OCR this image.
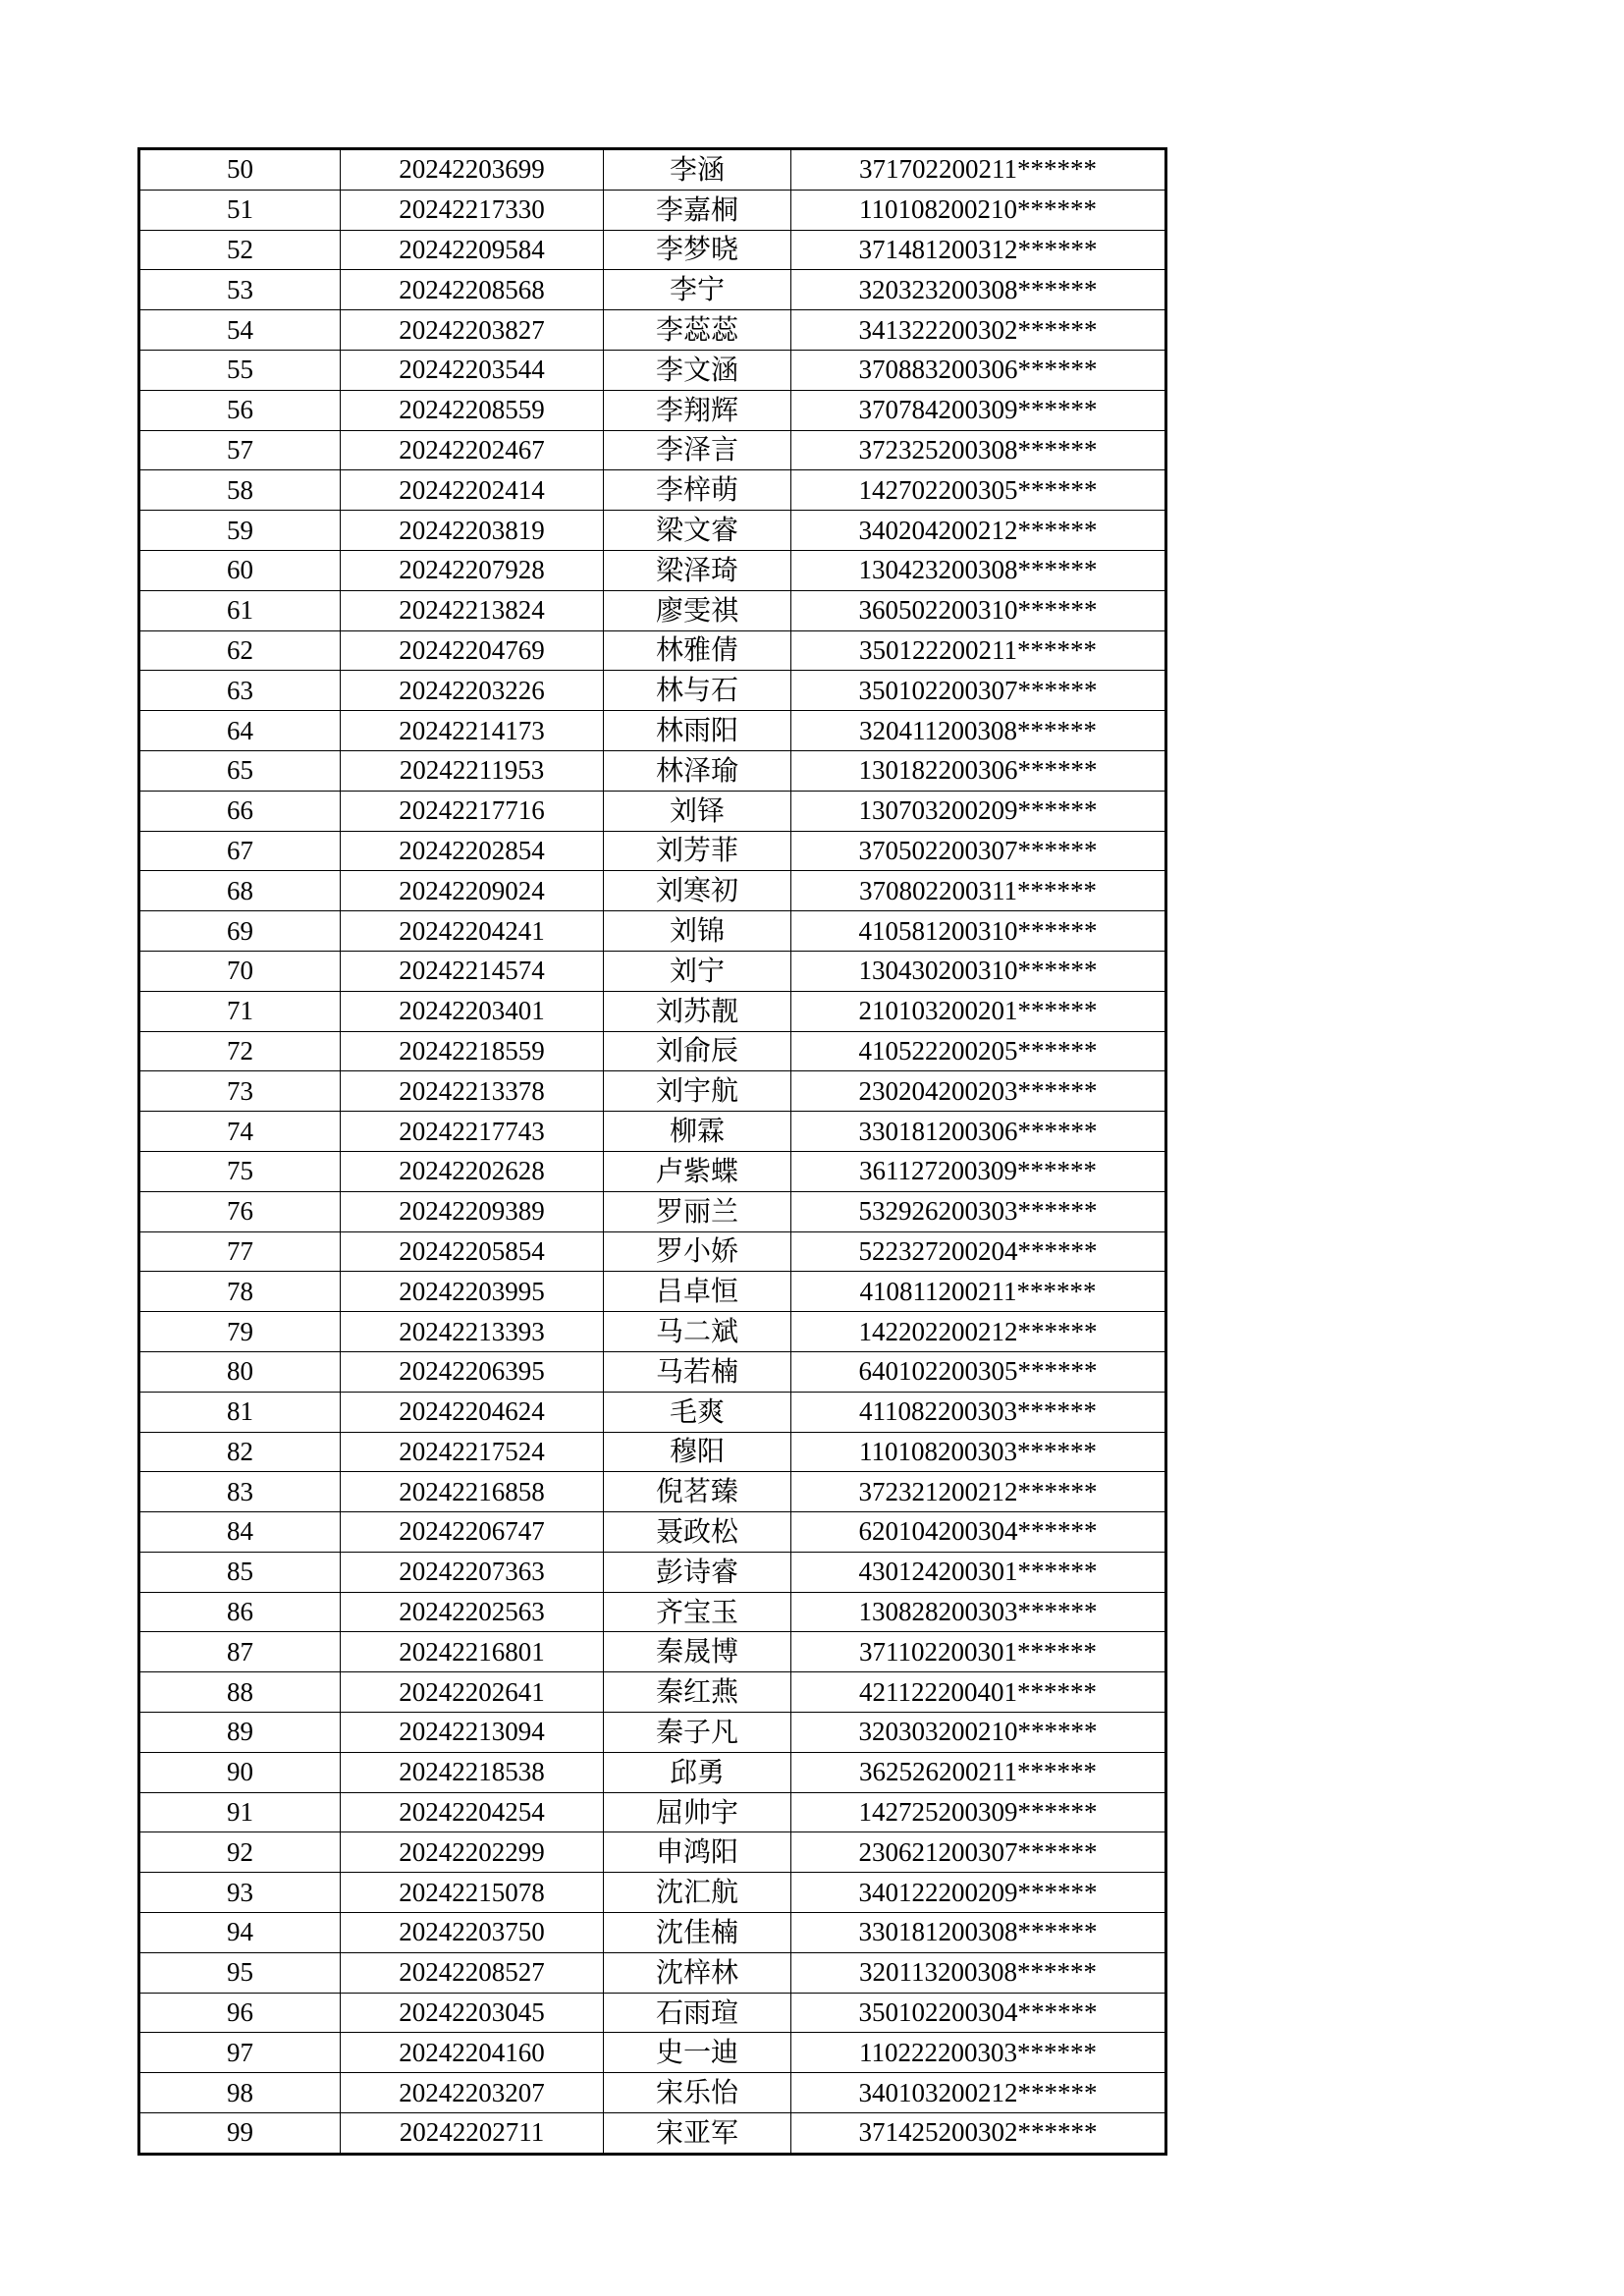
50	20242203699	李涵	371702200211******
51	20242217330	李嘉桐	110108200210******
52	20242209584	李梦晓	371481200312******
53	20242208568	李宁	320323200308******
54	20242203827	李蕊蕊	341322200302******
55	20242203544	李文涵	370883200306******
56	20242208559	李翔辉	370784200309******
57	20242202467	李泽言	372325200308******
58	20242202414	李梓萌	142702200305******
59	20242203819	梁文睿	340204200212******
60	20242207928	梁泽琦	130423200308******
61	20242213824	廖雯祺	360502200310******
62	20242204769	林雅倩	350122200211******
63	20242203226	林与石	350102200307******
64	20242214173	林雨阳	320411200308******
65	20242211953	林泽瑜	130182200306******
66	20242217716	刘铎	130703200209******
67	20242202854	刘芳菲	370502200307******
68	20242209024	刘寒初	370802200311******
69	20242204241	刘锦	410581200310******
70	20242214574	刘宁	130430200310******
71	20242203401	刘苏靓	210103200201******
72	20242218559	刘俞辰	410522200205******
73	20242213378	刘宇航	230204200203******
74	20242217743	柳霖	330181200306******
75	20242202628	卢紫蝶	361127200309******
76	20242209389	罗丽兰	532926200303******
77	20242205854	罗小娇	522327200204******
78	20242203995	吕卓恒	410811200211******
79	20242213393	马二斌	142202200212******
80	20242206395	马若楠	640102200305******
81	20242204624	毛爽	411082200303******
82	20242217524	穆阳	110108200303******
83	20242216858	倪茗臻	372321200212******
84	20242206747	聂政松	620104200304******
85	20242207363	彭诗睿	430124200301******
86	20242202563	齐宝玉	130828200303******
87	20242216801	秦晟博	371102200301******
88	20242202641	秦红燕	421122200401******
89	20242213094	秦子凡	320303200210******
90	20242218538	邱勇	362526200211******
91	20242204254	屈帅宇	142725200309******
92	20242202299	申鸿阳	230621200307******
93	20242215078	沈汇航	340122200209******
94	20242203750	沈佳楠	330181200308******
95	20242208527	沈梓林	320113200308******
96	20242203045	石雨瑄	350102200304******
97	20242204160	史一迪	110222200303******
98	20242203207	宋乐怡	340103200212******
99	20242202711	宋亚军	371425200302******
